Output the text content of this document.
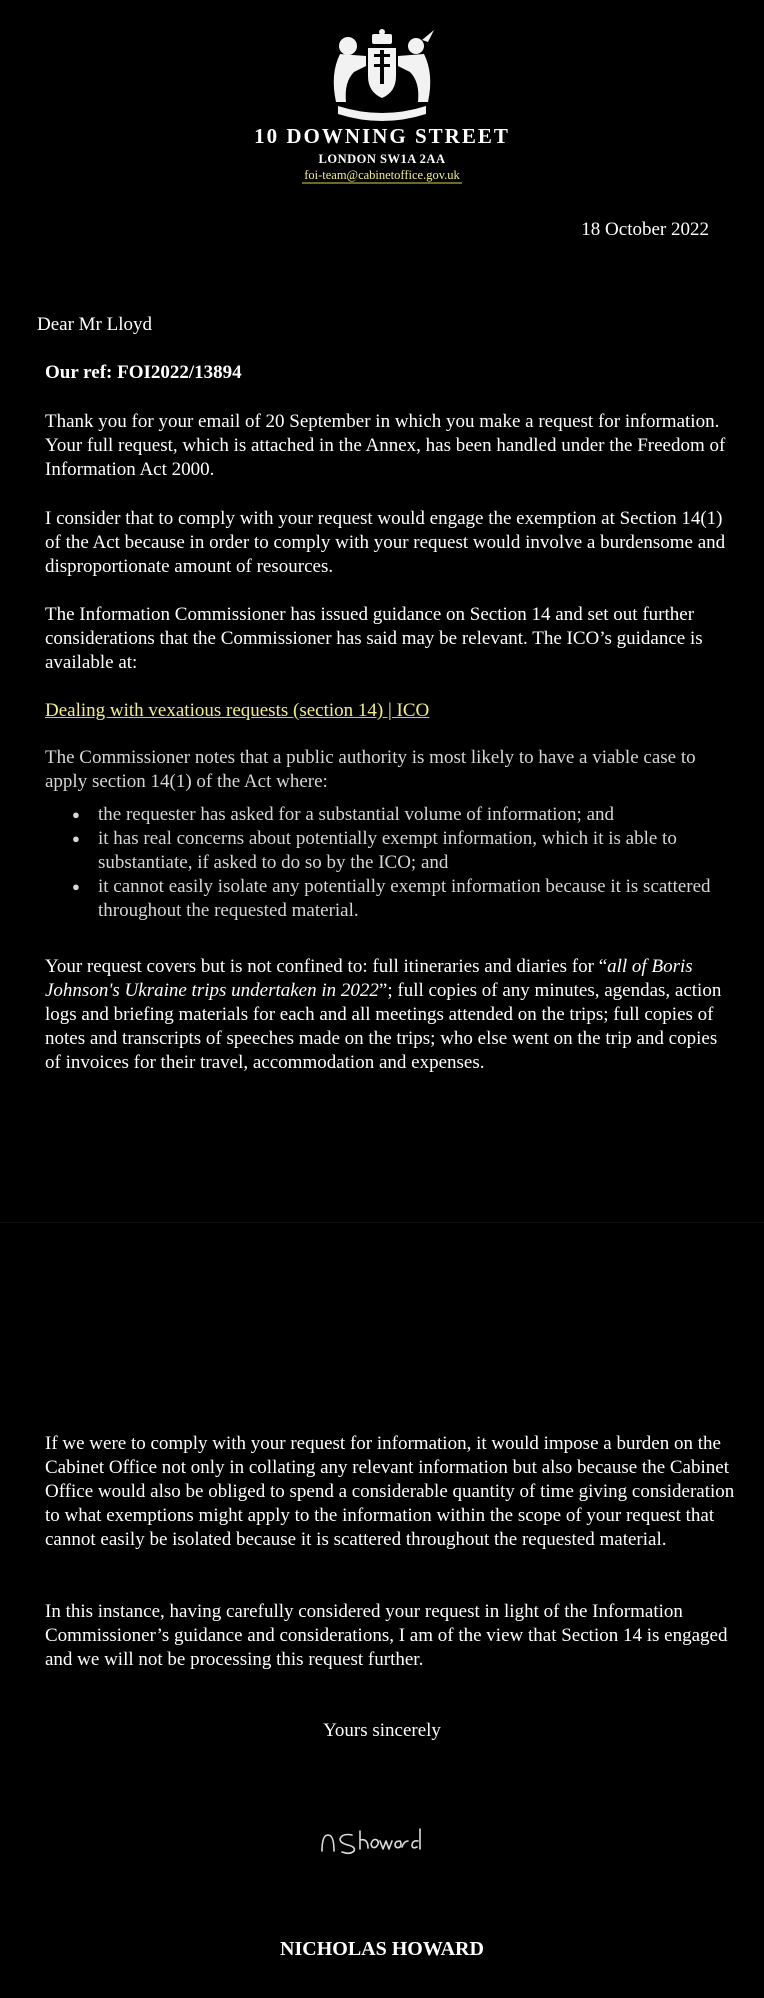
10 DOWNING STREET
LONDON SW1A 2AA
foi-team@cabinetoffice.gov.uk
18 October 2022
Dear Mr Lloyd
Our ref: FOI2022/13894

Thank you for your email of 20 September in which you make a request for information. Your full request, which is attached in the Annex, has been handled under the Freedom of Information Act 2000.

I consider that to comply with your request would engage the exemption at Section 14(1) of the Act because in order to comply with your request would involve a burdensome and disproportionate amount of resources.

The Information Commissioner has issued guidance on Section 14 and set out further considerations that the Commissioner has said may be relevant. The ICO’s guidance is available at:

Dealing with vexatious requests (section 14) | ICO

The Commissioner notes that a public authority is most likely to have a viable case to apply section 14(1) of the Act where:

● the requester has asked for a substantial volume of information; and
● it has real concerns about potentially exempt information, which it is able to substantiate, if asked to do so by the ICO; and
● it cannot easily isolate any potentially exempt information because it is scattered throughout the requested material.

Your request covers but is not confined to: full itineraries and diaries for “all of Boris Johnson's Ukraine trips undertaken in 2022”; full copies of any minutes, agendas, action logs and briefing materials for each and all meetings attended on the trips; full copies of notes and transcripts of speeches made on the trips; who else went on the trip and copies of invoices for their travel, accommodation and expenses.

If we were to comply with your request for information, it would impose a burden on the Cabinet Office not only in collating any relevant information but also because the Cabinet Office would also be obliged to spend a considerable quantity of time giving consideration to what exemptions might apply to the information within the scope of your request that cannot easily be isolated because it is scattered throughout the requested material.

In this instance, having carefully considered your request in light of the Information Commissioner’s guidance and considerations, I am of the view that Section 14 is engaged and we will not be processing this request further.

Yours sincerely
NICHOLAS HOWARD
